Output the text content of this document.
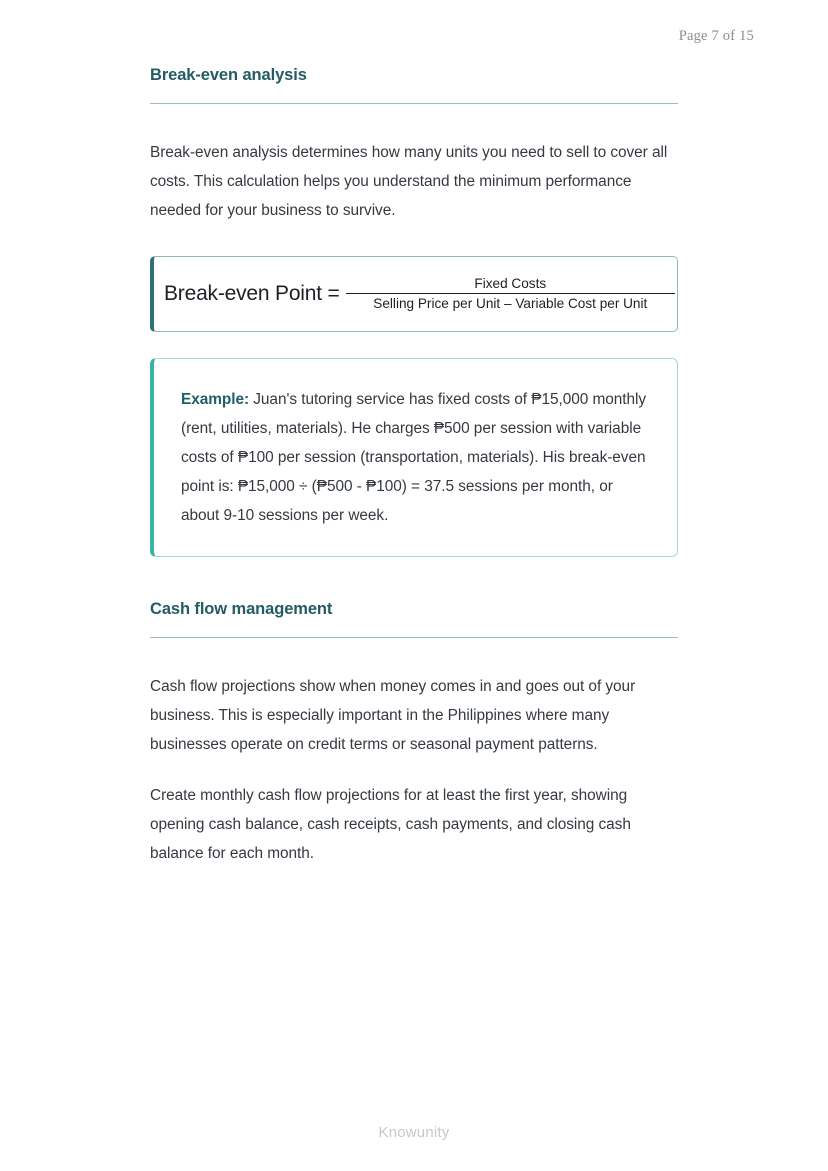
Page 7 of 15
Break-even analysis

Break-even analysis determines how many units you need to sell to cover all costs. This calculation helps you understand the minimum performance needed for your business to survive.

Break-even Point = $\frac{\text{Fixed Costs}}{\text{Selling Price per Unit – Variable Cost per Unit}}$

Example: Juan's tutoring service has fixed costs of ₱15,000 monthly (rent, utilities, materials). He charges ₱500 per session with variable costs of ₱100 per session (transportation, materials). His break-even point is: ₱15,000 ÷ (₱500 - ₱100) = 37.5 sessions per month, or about 9-10 sessions per week.

Cash flow management

Cash flow projections show when money comes in and goes out of your business. This is especially important in the Philippines where many businesses operate on credit terms or seasonal payment patterns.

Create monthly cash flow projections for at least the first year, showing opening cash balance, cash receipts, cash payments, and closing cash balance for each month.

Knowunity
